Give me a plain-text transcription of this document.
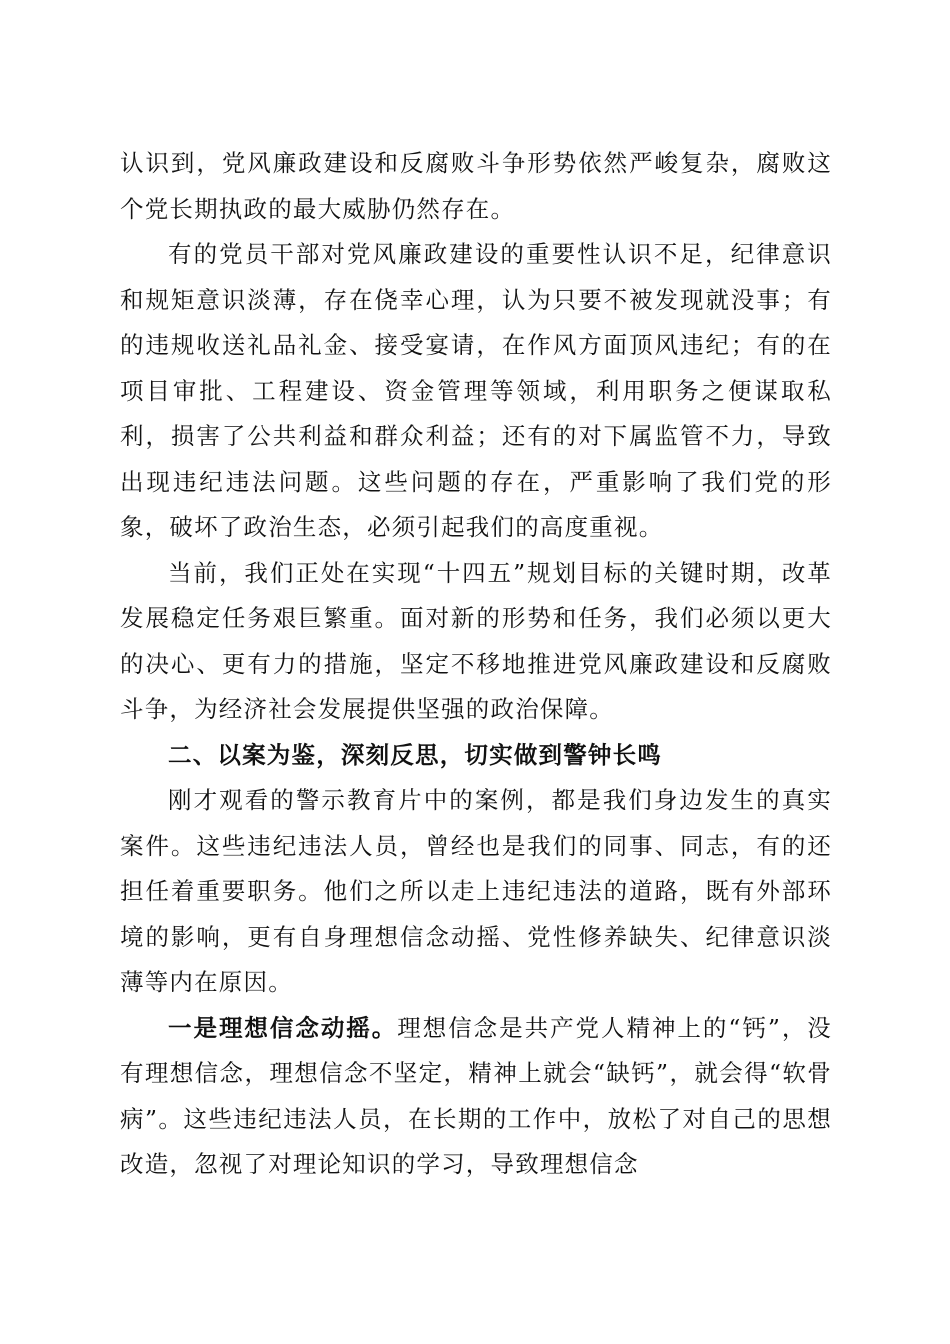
认识到，党风廉政建设和反腐败斗争形势依然严峻复杂，腐败这个党长期执政的最大威胁仍然存在。

有的党员干部对党风廉政建设的重要性认识不足，纪律意识和规矩意识淡薄，存在侥幸心理，认为只要不被发现就没事；有的违规收送礼品礼金、接受宴请，在作风方面顶风违纪；有的在项目审批、工程建设、资金管理等领域，利用职务之便谋取私利，损害了公共利益和群众利益；还有的对下属监管不力，导致出现违纪违法问题。这些问题的存在，严重影响了我们党的形象，破坏了政治生态，必须引起我们的高度重视。

当前，我们正处在实现“十四五”规划目标的关键时期，改革发展稳定任务艰巨繁重。面对新的形势和任务，我们必须以更大的决心、更有力的措施，坚定不移地推进党风廉政建设和反腐败斗争，为经济社会发展提供坚强的政治保障。

二、以案为鉴，深刻反思，切实做到警钟长鸣

刚才观看的警示教育片中的案例，都是我们身边发生的真实案件。这些违纪违法人员，曾经也是我们的同事、同志，有的还担任着重要职务。他们之所以走上违纪违法的道路，既有外部环境的影响，更有自身理想信念动摇、党性修养缺失、纪律意识淡薄等内在原因。

一是理想信念动摇。理想信念是共产党人精神上的“钙”，没有理想信念，理想信念不坚定，精神上就会“缺钙”，就会得“软骨病”。这些违纪违法人员，在长期的工作中，放松了对自己的思想改造，忽视了对理论知识的学习，导致理想信念
